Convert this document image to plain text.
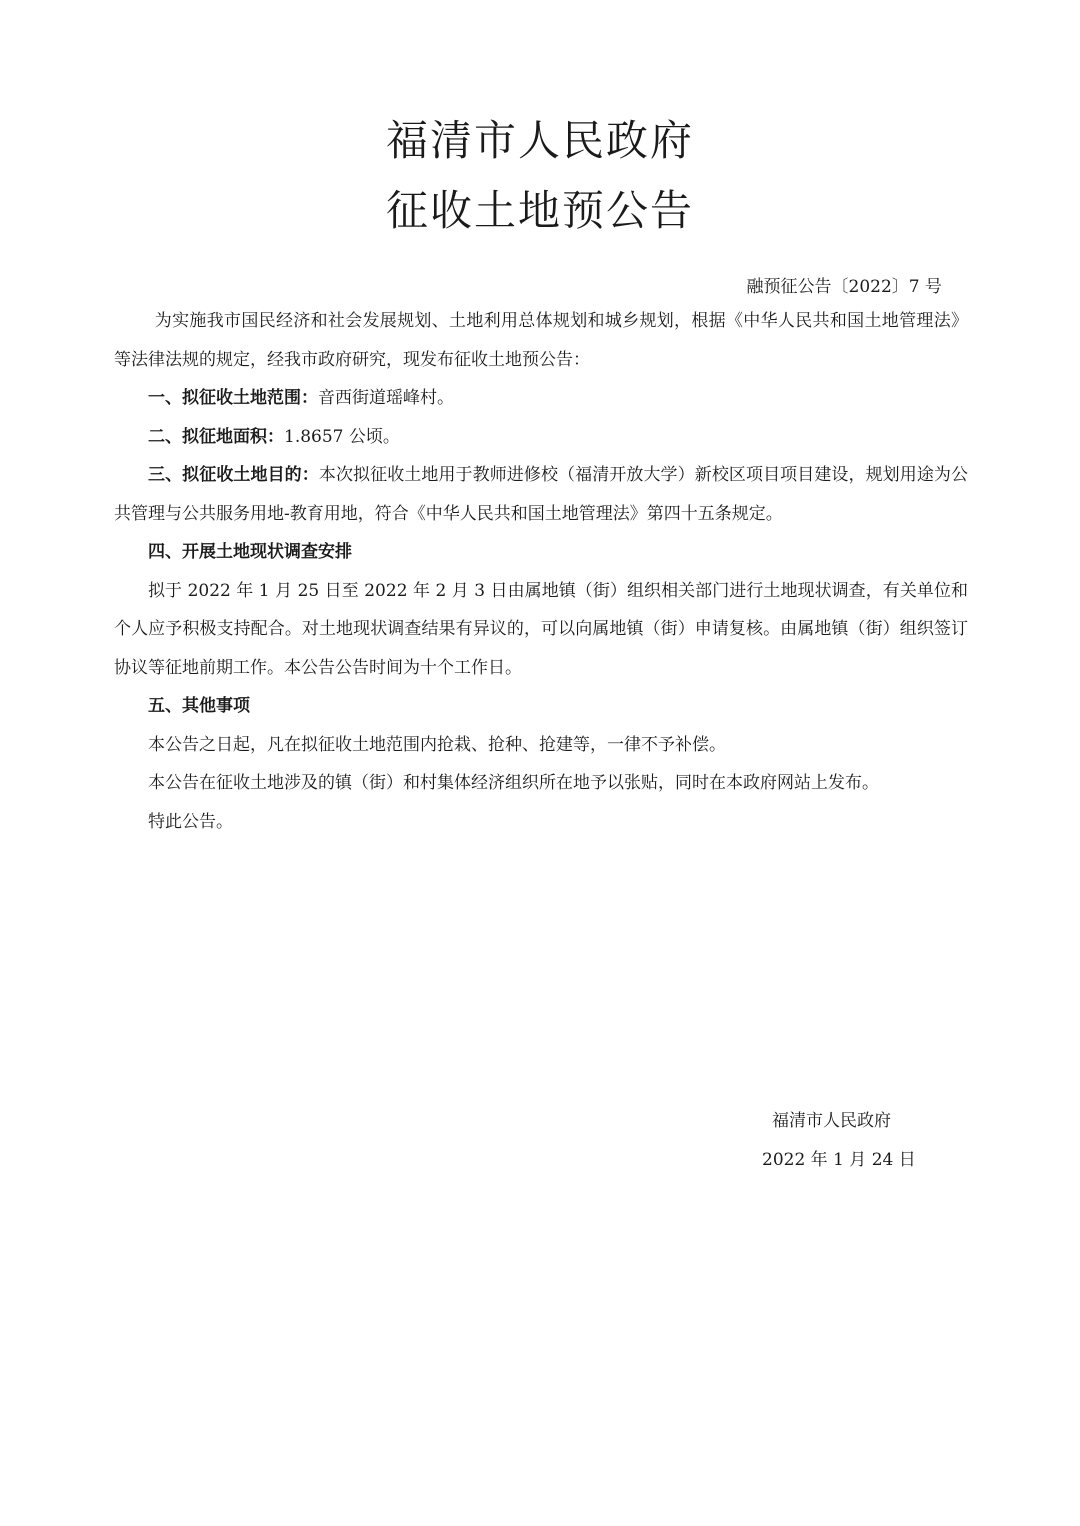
福清市人民政府
征收土地预公告
融预征公告〔2022〕7 号

为实施我市国民经济和社会发展规划、土地利用总体规划和城乡规划，根据《中华人民共和国土地管理法》等法律法规的规定，经我市政府研究，现发布征收土地预公告：

一、拟征收土地范围：音西街道瑶峰村。

二、拟征地面积：1.8657 公顷。

三、拟征收土地目的：本次拟征收土地用于教师进修校（福清开放大学）新校区项目项目建设，规划用途为公共管理与公共服务用地-教育用地，符合《中华人民共和国土地管理法》第四十五条规定。

四、开展土地现状调查安排

拟于 2022 年 1 月 25 日至 2022 年 2 月 3 日由属地镇（街）组织相关部门进行土地现状调查，有关单位和个人应予积极支持配合。对土地现状调查结果有异议的，可以向属地镇（街）申请复核。由属地镇（街）组织签订协议等征地前期工作。本公告公告时间为十个工作日。

五、其他事项

本公告之日起，凡在拟征收土地范围内抢栽、抢种、抢建等，一律不予补偿。

本公告在征收土地涉及的镇（街）和村集体经济组织所在地予以张贴，同时在本政府网站上发布。

特此公告。

福清市人民政府
2022 年 1 月 24 日
